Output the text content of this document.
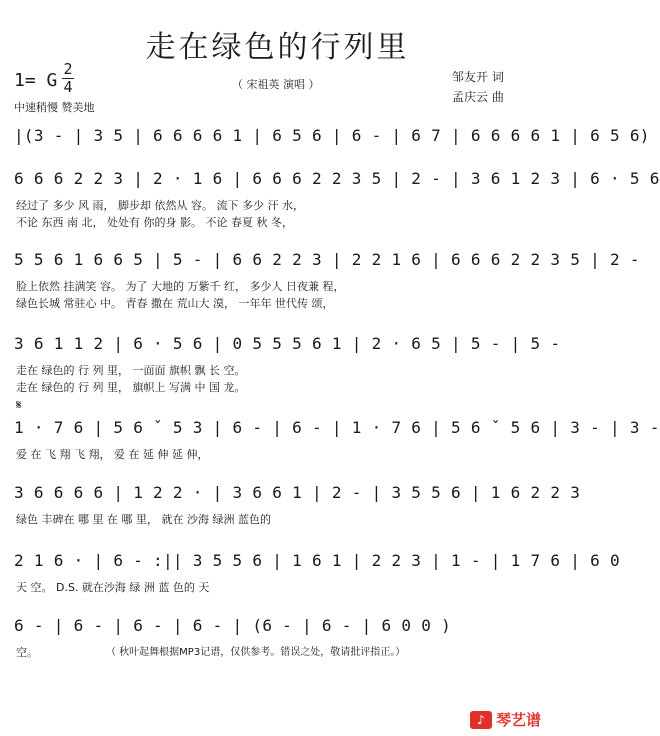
走在绿色的行列里
1= G
2
4
中速稍慢 赞美地
（ 宋祖英 演唱 ）
邹友开 词
孟庆云 曲
|(3 - | 3 5 | 6 6 6 6 1 | 6 5 6 | 6 - | 6 7 | 6 6 6 6 1 | 6 5 6)
6 6 6 2 2 3 | 2 · 1 6 | 6 6 6 2 2 3 5 | 2 - | 3 6 1 2 3 | 6 · 5 6
经过了 多少 风 雨， 脚步却 依然从 容。 流下 多少 汗 水，
不论 东西 南 北， 处处有 你的身 影。 不论 春夏 秋 冬，
5 5 6 1 6 6 5 | 5 - | 6 6 2 2 3 | 2 2 1 6 | 6 6 6 2 2 3 5 | 2 -
脸上依然 挂满笑 容。 为了 大地的 万紫千 红， 多少人 日夜兼 程，
绿色长城 常驻心 中。 青春 撒在 荒山大 漠， 一年年 世代传 颂，
3 6 1 1 2 | 6 · 5 6 | 0 5 5 5 6 1 | 2 · 6 5 | 5 - | 5 -
走在 绿色的 行 列 里， 一面面 旗帜 飘 长 空。
走在 绿色的 行 列 里， 旗帜上 写满 中 国 龙。
𝄋
1 · 7 6 | 5 6 ˇ 5 3 | 6 - | 6 - | 1 · 7 6 | 5 6 ˇ 5 6 | 3 - | 3 -
爱 在 飞 翔 飞 翔， 爱 在 延 伸 延 伸，
3 6 6 6 6 | 1 2 2 · | 3 6 6 1 | 2 - | 3 5 5 6 | 1 6 2 2 3
绿色 丰碑在 哪 里 在 哪 里， 就在 沙海 绿洲 蓝色的
2 1 6 · | 6 - :|| 3 5 5 6 | 1 6 1 | 2 2 3 | 1 - | 1 7 6 | 6 0
天 空。 D.S. 就在沙海 绿 洲 蓝 色的 天
6 - | 6 - | 6 - | 6 - | (6 - | 6 - | 6 0 0 )
空。	（ 秋叶起舞根据MP3记谱，仅供参考。错误之处，敬请批评指正。）
♪ 琴艺谱
